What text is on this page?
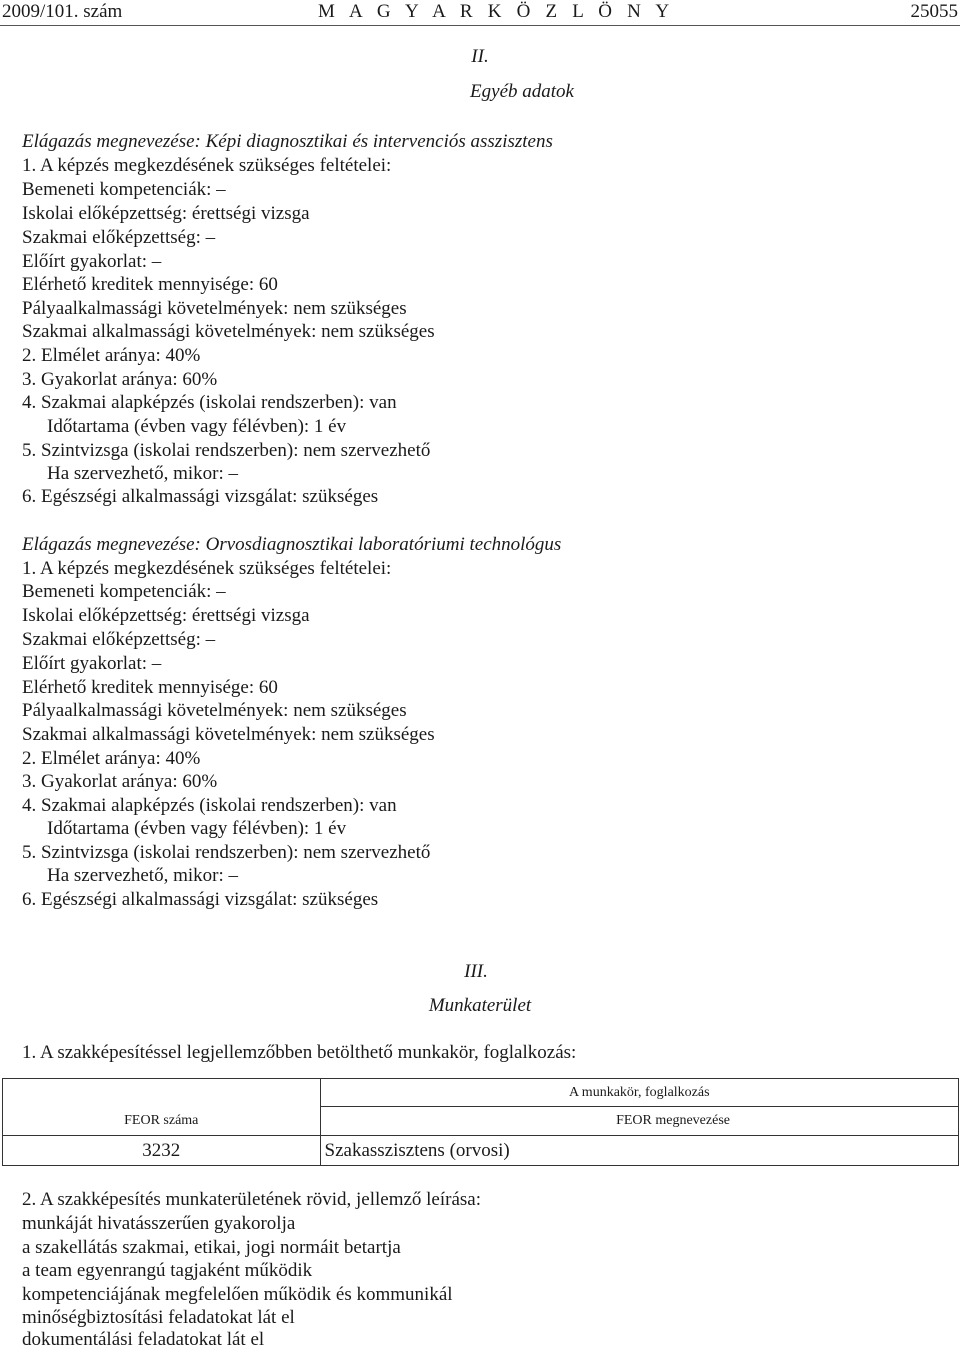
2009/101. szám	M A G Y A R K Ö Z L Ö N Y	25055
II.
Egyéb adatok
Elágazás megnevezése: Képi diagnosztikai és intervenciós asszisztens
1. A képzés megkezdésének szükséges feltételei:
Bemeneti kompetenciák: –
Iskolai előképzettség: érettségi vizsga
Szakmai előképzettség: –
Előírt gyakorlat: –
Elérhető kreditek mennyisége: 60
Pályaalkalmassági követelmények: nem szükséges
Szakmai alkalmassági követelmények: nem szükséges
2. Elmélet aránya: 40%
3. Gyakorlat aránya: 60%
4. Szakmai alapképzés (iskolai rendszerben): van
Időtartama (évben vagy félévben): 1 év
5. Szintvizsga (iskolai rendszerben): nem szervezhető
Ha szervezhető, mikor: –
6. Egészségi alkalmassági vizsgálat: szükséges
Elágazás megnevezése: Orvosdiagnosztikai laboratóriumi technológus
1. A képzés megkezdésének szükséges feltételei:
Bemeneti kompetenciák: –
Iskolai előképzettség: érettségi vizsga
Szakmai előképzettség: –
Előírt gyakorlat: –
Elérhető kreditek mennyisége: 60
Pályaalkalmassági követelmények: nem szükséges
Szakmai alkalmassági követelmények: nem szükséges
2. Elmélet aránya: 40%
3. Gyakorlat aránya: 60%
4. Szakmai alapképzés (iskolai rendszerben): van
Időtartama (évben vagy félévben): 1 év
5. Szintvizsga (iskolai rendszerben): nem szervezhető
Ha szervezhető, mikor: –
6. Egészségi alkalmassági vizsgálat: szükséges
III.
Munkaterület
1. A szakképesítéssel legjellemzőbben betölthető munkakör, foglalkozás:
	A munkakör, foglalkozás
FEOR száma	FEOR megnevezése
3232	Szakasszisztens (orvosi)
2. A szakképesítés munkaterületének rövid, jellemző leírása:
munkáját hivatásszerűen gyakorolja
a szakellátás szakmai, etikai, jogi normáit betartja
a team egyenrangú tagjaként működik
kompetenciájának megfelelően működik és kommunikál
minőségbiztosítási feladatokat lát el
dokumentálási feladatokat lát el
